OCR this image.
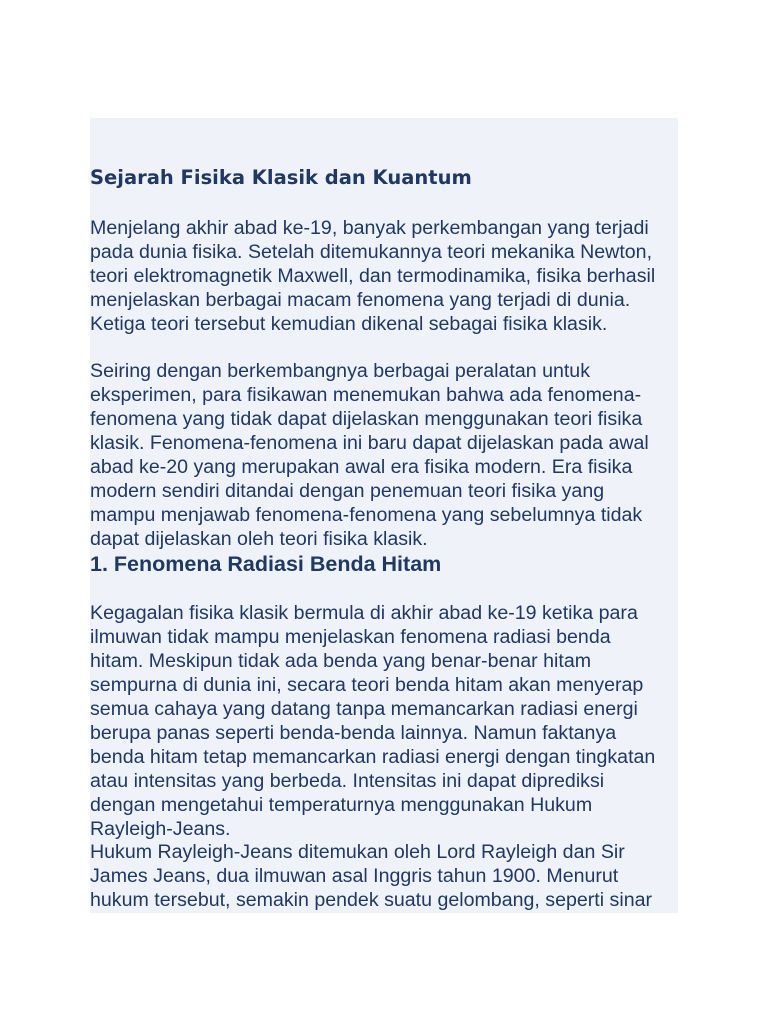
Sejarah Fisika Klasik dan Kuantum

Menjelang akhir abad ke-19, banyak perkembangan yang terjadi
pada dunia fisika. Setelah ditemukannya teori mekanika Newton,
teori elektromagnetik Maxwell, dan termodinamika, fisika berhasil
menjelaskan berbagai macam fenomena yang terjadi di dunia.
Ketiga teori tersebut kemudian dikenal sebagai fisika klasik.

Seiring dengan berkembangnya berbagai peralatan untuk
eksperimen, para fisikawan menemukan bahwa ada fenomena-
fenomena yang tidak dapat dijelaskan menggunakan teori fisika
klasik. Fenomena-fenomena ini baru dapat dijelaskan pada awal
abad ke-20 yang merupakan awal era fisika modern. Era fisika
modern sendiri ditandai dengan penemuan teori fisika yang
mampu menjawab fenomena-fenomena yang sebelumnya tidak
dapat dijelaskan oleh teori fisika klasik.

1. Fenomena Radiasi Benda Hitam

Kegagalan fisika klasik bermula di akhir abad ke-19 ketika para
ilmuwan tidak mampu menjelaskan fenomena radiasi benda
hitam. Meskipun tidak ada benda yang benar-benar hitam
sempurna di dunia ini, secara teori benda hitam akan menyerap
semua cahaya yang datang tanpa memancarkan radiasi energi
berupa panas seperti benda-benda lainnya. Namun faktanya
benda hitam tetap memancarkan radiasi energi dengan tingkatan
atau intensitas yang berbeda. Intensitas ini dapat diprediksi
dengan mengetahui temperaturnya menggunakan Hukum
Rayleigh-Jeans.

Hukum Rayleigh-Jeans ditemukan oleh Lord Rayleigh dan Sir
James Jeans, dua ilmuwan asal Inggris tahun 1900. Menurut
hukum tersebut, semakin pendek suatu gelombang, seperti sinar
